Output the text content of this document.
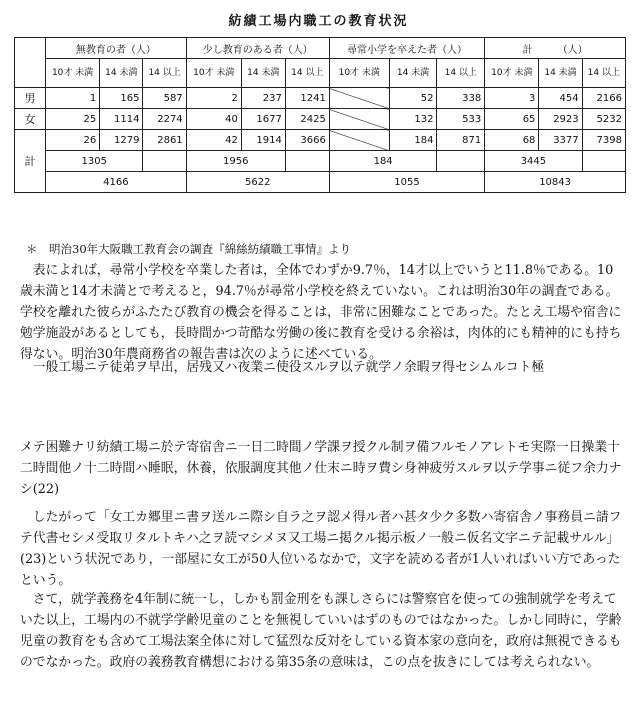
紡績工場内職工の教育状況
	無教育の者（人）			少し教育のある者（人）			尋常小学を卒えた者（人）			計　　　（人）		
	10才 未満	14 未満	14 以上	10才 未満	14 未満	14 以上	10才 未満	14 未満	14 以上	10才 未満	14 未満	14 以上
男	1	165	587	2	237	1241		52	338	3	454	2166
女	25	1114	2274	40	1677	2425		132	533	65	2923	5232
計	26	1279	2861	42	1914	3666		184	871	68	3377	7398
	1305			1956			184			3445		
	4166			5622			1055			10843		
＊　明治30年大阪職工教育会の調査『綿絲紡績職工事情』より

表によれば，尋常小学校を卒業した者は，全体でわずか9.7％，14才以上でいうと11.8％である。10歳未満と14才未満とで考えると，94.7％が尋常小学校を終えていない。これは明治30年の調査である。学校を離れた彼らがふたたび教育の機会を得ることは，非常に困難なことであった。たとえ工場や宿舎に勉学施設があるとしても，長時間かつ苛酷な労働の後に教育を受ける余裕は，肉体的にも精神的にも持ち得ない。明治30年農商務省の報告書は次のように述べている。

一般工場ニテ徒弟ヲ早出，居残又ハ夜業ニ使役スルヲ以テ就学ノ余暇ヲ得セシムルコト極

メテ困難ナリ紡績工場ニ於テ寄宿舎ニ一日二時間ノ学課ヲ授クル制ヲ備フルモノアレトモ実際一日操業十二時間他ノ十二時間ハ睡眠，休養，依服調度其他ノ仕末ニ時ヲ費シ身神疲労スルヲ以テ学事ニ従フ余力ナシ(22)

したがって「女工カ郷里ニ書ヲ送ルニ際シ自ラ之ヲ認メ得ル者ハ甚タ少ク多数ハ寄宿舎ノ事務員ニ請フテ代書セシメ受取リタルトキハ之ヲ読マシメヌ又工場ニ掲クル掲示板ノ一般ニ仮名文字ニテ記載サルル」(23)という状況であり，一部屋に女工が50人位いるなかで，文字を読める者が1人いればいい方であったという。

さて，就学義務を4年制に統一し，しかも罰金刑をも課しさらには警察官を使っての強制就学を考えていた以上，工場内の不就学学齢児童のことを無視していいはずのものではなかった。しかし同時に，学齢児童の教育をも含めて工場法案全体に対して猛烈な反対をしている資本家の意向を，政府は無視できるものでなかった。政府の義務教育構想における第35条の意味は，この点を抜きにしては考えられない。
